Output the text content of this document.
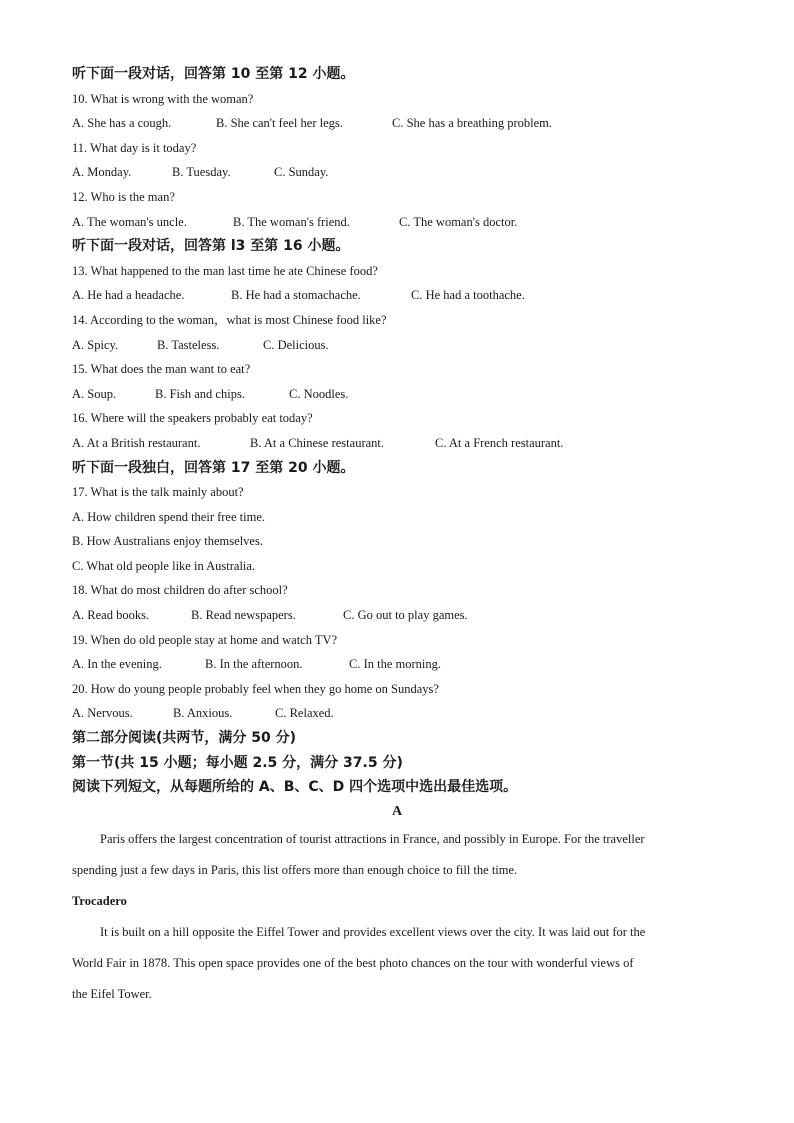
听下面一段对话，回答第 10 至第 12 小题。
10. What is wrong with the woman?
A. She has a cough.	B. She can't feel her legs.	C. She has a breathing problem.
11. What day is it today?
A. Monday.	B. Tuesday.	C. Sunday.
12. Who is the man?
A. The woman's uncle.	B. The woman's friend.	C. The woman's doctor.
听下面一段对话，回答第 l3 至第 16 小题。
13. What happened to the man last time he ate Chinese food?
A. He had a headache.	B. He had a stomachache.	C. He had a toothache.
14. According to the woman，what is most Chinese food like?
A. Spicy.	B. Tasteless.	C. Delicious.
15. What does the man want to eat?
A. Soup.	B. Fish and chips.	C. Noodles.
16. Where will the speakers probably eat today?
A. At a British restaurant.	B. At a Chinese restaurant.	C. At a French restaurant.
听下面一段独白，回答第 17 至第 20 小题。
17. What is the talk mainly about?
A. How children spend their free time.
B. How Australians enjoy themselves.
C. What old people like in Australia.
18. What do most children do after school?
A. Read books.	B. Read newspapers.	C. Go out to play games.
19. When do old people stay at home and watch TV?
A. In the evening.	B. In the afternoon.	C. In the morning.
20. How do young people probably feel when they go home on Sundays?
A. Nervous.	B. Anxious.	C. Relaxed.
第二部分阅读(共两节，满分 50 分)
第一节(共 15 小题；每小题 2.5 分，满分 37.5 分)
阅读下列短文，从每题所给的 A、B、C、D 四个选项中选出最佳选项。
A
Paris offers the largest concentration of tourist attractions in France, and possibly in Europe. For the traveller
spending just a few days in Paris, this list offers more than enough choice to fill the time.
Trocadero
It is built on a hill opposite the Eiffel Tower and provides excellent views over the city. It was laid out for the
World Fair in 1878. This open space provides one of the best photo chances on the tour with wonderful views of
the Eifel Tower.
